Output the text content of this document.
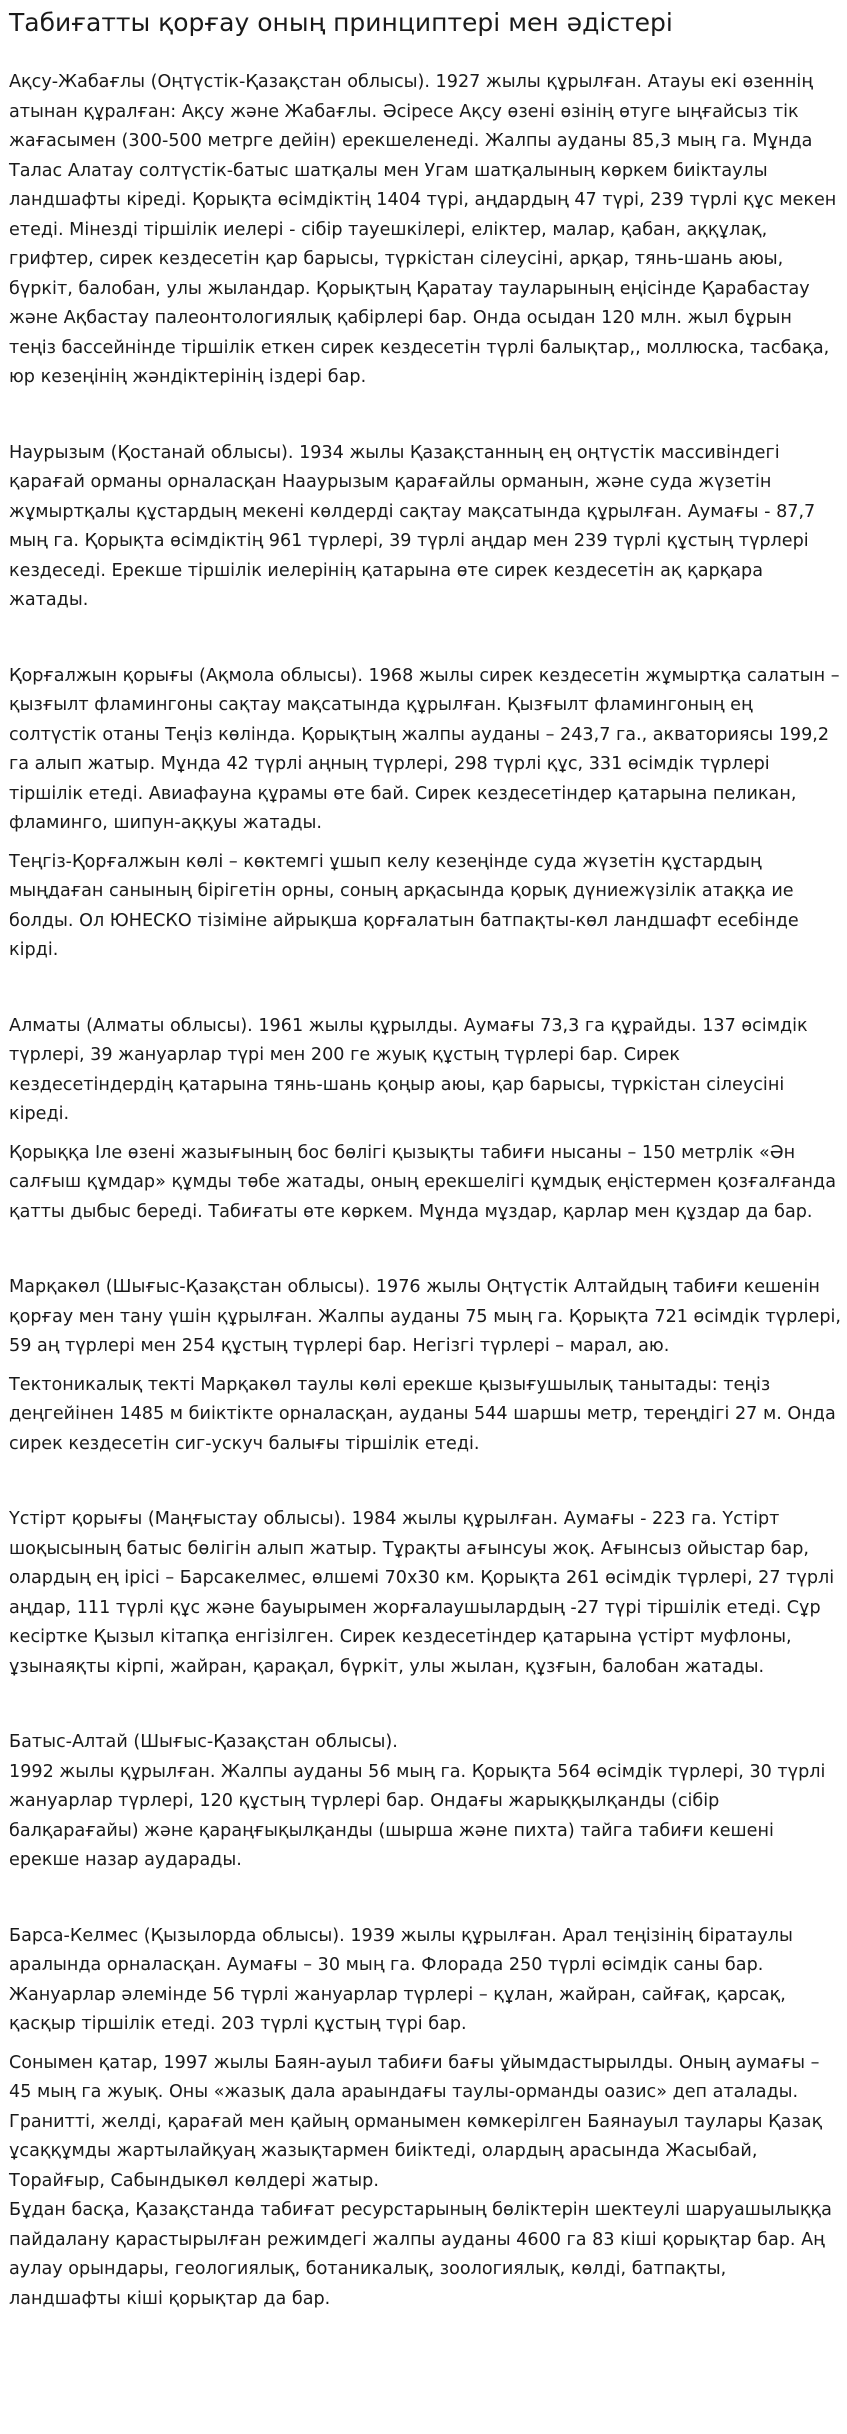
Табиғатты қорғау оның принциптері мен әдістері

Ақсу-Жабағлы (Оңтүстік-Қазақстан облысы). 1927 жылы құрылған. Атауы екі өзеннің атынан құралған: Ақсу және Жабағлы. Әсіресе Ақсу өзені өзінің өтуге ыңғайсыз тік жағасымен (300-500 метрге дейін) ерекшеленеді. Жалпы ауданы 85,3 мың га. Мұнда Талас Алатау солтүстік-батыс шатқалы мен Угам шатқалының көркем биіктаулы ландшафты кіреді. Қорықта өсімдіктің 1404 түрі, аңдардың 47 түрі, 239 түрлі құс мекен етеді. Мінезді тіршілік иелері - сібір тауешкілері, еліктер, малар, қабан, аққұлақ, грифтер, сирек кездесетін қар барысы, түркістан сілеусіні, арқар, тянь-шань аюы, бүркіт, балобан, улы жыландар. Қорықтың Қаратау тауларының еңісінде Қарабастау және Ақбастау палеонтологиялық қабірлері бар. Онда осыдан 120 млн. жыл бұрын теңіз бассейнінде тіршілік еткен сирек кездесетін түрлі балықтар,, моллюска, тасбақа, юр кезеңінің жәндіктерінің іздері бар.

Наурызым (Қостанай облысы). 1934 жылы Қазақстанның ең оңтүстік массивіндегі қарағай орманы орналасқан Нааурызым қарағайлы орманын, және суда жүзетін жұмыртқалы құстардың мекені көлдерді сақтау мақсатында құрылған. Аумағы - 87,7 мың га. Қорықта өсімдіктің 961 түрлері, 39 түрлі аңдар мен 239 түрлі құстың түрлері кездеседі. Ерекше тіршілік иелерінің қатарына өте сирек кездесетін ақ қарқара жатады.

Қорғалжын қорығы (Ақмола облысы). 1968 жылы сирек кездесетін жұмыртқа салатын – қызғылт фламингоны сақтау мақсатында құрылған. Қызғылт фламингоның ең солтүстік отаны Теңіз көлінда. Қорықтың жалпы ауданы – 243,7 га., акваториясы 199,2 га алып жатыр. Мұнда 42 түрлі аңның түрлері, 298 түрлі құс, 331 өсімдік түрлері тіршілік етеді. Авиафауна құрамы өте бай. Сирек кездесетіндер қатарына пеликан, фламинго, шипун-аққуы жатады.

Теңгіз-Қорғалжын көлі – көктемгі ұшып келу кезеңінде суда жүзетін құстардың мыңдаған санының бірігетін орны, соның арқасында қорық дүниежүзілік атаққа ие болды. Ол ЮНЕСКО тізіміне айрықша қорғалатын батпақты-көл ландшафт есебінде кірді.

Алматы (Алматы облысы). 1961 жылы құрылды. Аумағы 73,3 га құрайды. 137 өсімдік түрлері, 39 жануарлар түрі мен 200 ге жуық құстың түрлері бар. Сирек кездесетіндердің қатарына тянь-шань қоңыр аюы, қар барысы, түркістан сілеусіні кіреді.

Қорыққа Іле өзені жазығының бос бөлігі қызықты табиғи нысаны – 150 метрлік «Ән салғыш құмдар» құмды төбе жатады, оның ерекшелігі құмдық еңістермен қозғалғанда қатты дыбыс береді. Табиғаты өте көркем. Мұнда мұздар, қарлар мен құздар да бар.

Марқакөл (Шығыс-Қазақстан облысы). 1976 жылы Оңтүстік Алтайдың табиғи кешенін қорғау мен тану үшін құрылған. Жалпы ауданы 75 мың га. Қорықта 721 өсімдік түрлері, 59 аң түрлері мен 254 құстың түрлері бар. Негізгі түрлері – марал, аю.

Тектоникалық текті Марқакөл таулы көлі ерекше қызығушылық танытады: теңіз деңгейінен 1485 м биіктікте орналасқан, ауданы 544 шаршы метр, тереңдігі 27 м. Онда сирек кездесетін сиг-ускуч балығы тіршілік етеді.

Үстірт қорығы (Маңғыстау облысы). 1984 жылы құрылған. Аумағы - 223 га. Үстірт шоқысының батыс бөлігін алып жатыр. Тұрақты ағынсуы жоқ. Ағынсыз ойыстар бар, олардың ең ірісі – Барсакелмес, өлшемі 70х30 км. Қорықта 261 өсімдік түрлері, 27 түрлі аңдар, 111 түрлі құс және бауырымен жорғалаушылардың -27 түрі тіршілік етеді. Сұр кесіртке Қызыл кітапқа енгізілген. Сирек кездесетіндер қатарына үстірт муфлоны, ұзынаяқты кірпі, жайран, қарақал, бүркіт, улы жылан, құзғын, балобан жатады.

Батыс-Алтай (Шығыс-Қазақстан облысы).
1992 жылы құрылған. Жалпы ауданы 56 мың га. Қорықта 564 өсімдік түрлері, 30 түрлі жануарлар түрлері, 120 құстың түрлері бар. Ондағы жарыққылқанды (сібір балқарағайы) және қараңғықылқанды (шырша және пихта) тайга табиғи кешені ерекше назар аударады.

Барса-Келмес (Қызылорда облысы). 1939 жылы құрылған. Арал теңізінің біратаулы аралында орналасқан. Аумағы – 30 мың га. Флорада 250 түрлі өсімдік саны бар. Жануарлар әлемінде 56 түрлі жануарлар түрлері – құлан, жайран, сайғақ, қарсақ, қасқыр тіршілік етеді. 203 түрлі құстың түрі бар.

Сонымен қатар, 1997 жылы Баян-ауыл табиғи бағы ұйымдастырылды. Оның аумағы – 45 мың га жуық. Оны «жазық дала араындағы таулы-орманды оазис» деп аталады. Гранитті, желді, қарағай мен қайың орманымен көмкерілген Баянауыл таулары Қазақ ұсаққұмды жартылайқуаң жазықтармен биіктеді, олардың арасында Жасыбай, Торайғыр, Сабындыкөл көлдері жатыр.
Бұдан басқа, Қазақстанда табиғат ресурстарының бөліктерін шектеулі шаруашылыққа пайдалану қарастырылған режимдегі жалпы ауданы 4600 га 83 кіші қорықтар бар. Аң аулау орындары, геологиялық, ботаникалық, зоологиялық, көлді, батпақты, ландшафты кіші қорықтар да бар.
